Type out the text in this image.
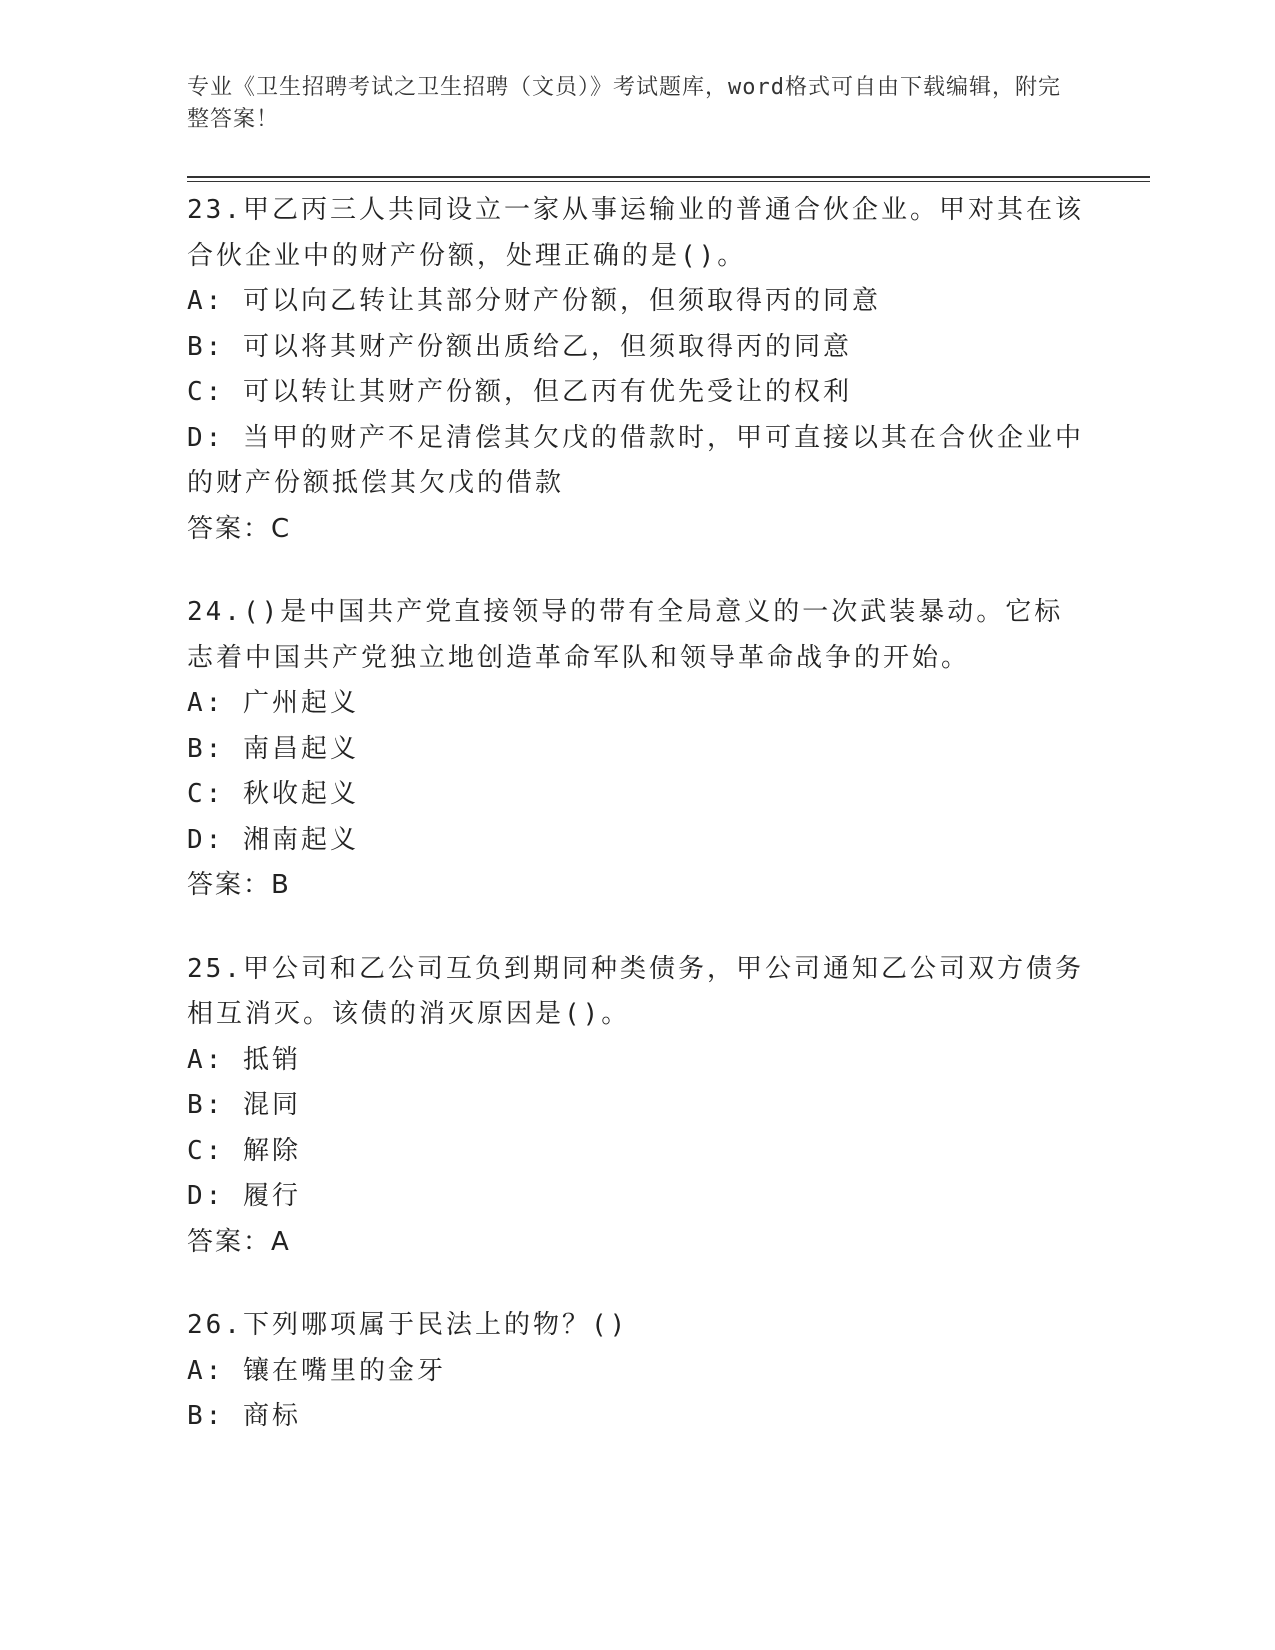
专业《卫生招聘考试之卫生招聘（文员）》考试题库，word格式可自由下载编辑，附完整答案！
23.甲乙丙三人共同设立一家从事运输业的普通合伙企业。甲对其在该合伙企业中的财产份额，处理正确的是()。
A: 可以向乙转让其部分财产份额，但须取得丙的同意
B: 可以将其财产份额出质给乙，但须取得丙的同意
C: 可以转让其财产份额，但乙丙有优先受让的权利
D: 当甲的财产不足清偿其欠戊的借款时，甲可直接以其在合伙企业中的财产份额抵偿其欠戊的借款
答案：C
24.()是中国共产党直接领导的带有全局意义的一次武装暴动。它标志着中国共产党独立地创造革命军队和领导革命战争的开始。
A: 广州起义
B: 南昌起义
C: 秋收起义
D: 湘南起义
答案：B
25.甲公司和乙公司互负到期同种类债务，甲公司通知乙公司双方债务相互消灭。该债的消灭原因是()。
A: 抵销
B: 混同
C: 解除
D: 履行
答案：A
26.下列哪项属于民法上的物？()
A: 镶在嘴里的金牙
B: 商标
